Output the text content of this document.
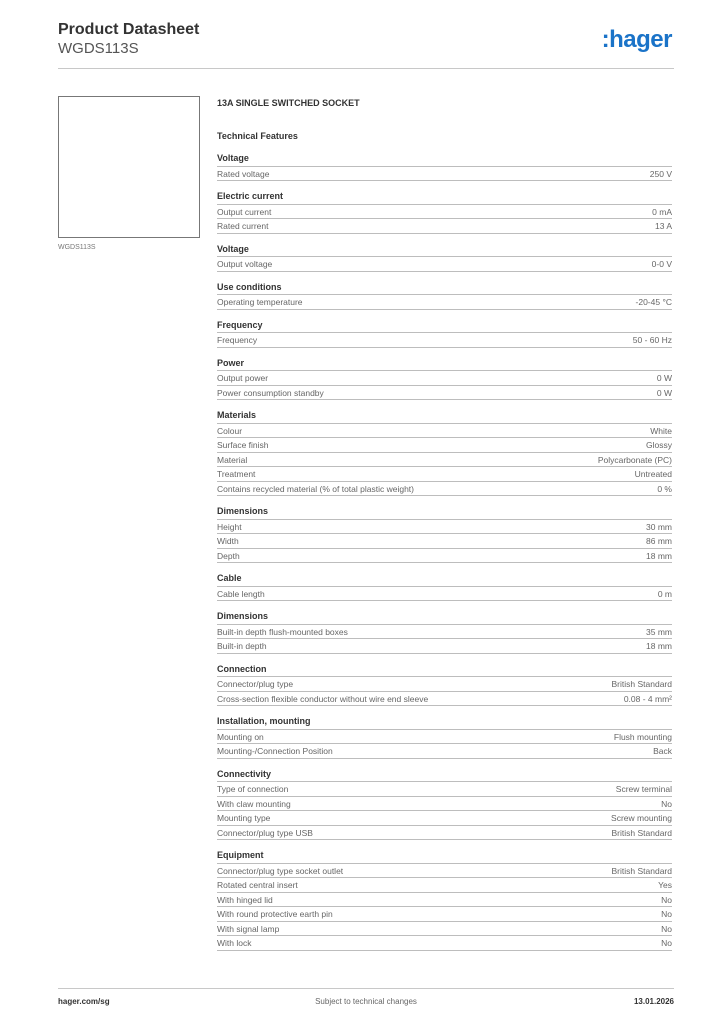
Product Datasheet
WGDS113S	:hager
WGDS113S
13A SINGLE SWITCHED SOCKET
Technical Features
Voltage
Rated voltage	250 V
Electric current
Output current	0 mA
Rated current	13 A
Voltage
Output voltage	0-0 V
Use conditions
Operating temperature	-20-45 °C
Frequency
Frequency	50 - 60 Hz
Power
Output power	0 W
Power consumption standby	0 W
Materials
Colour	White
Surface finish	Glossy
Material	Polycarbonate (PC)
Treatment	Untreated
Contains recycled material (% of total plastic weight)	0 %
Dimensions
Height	30 mm
Width	86 mm
Depth	18 mm
Cable
Cable length	0 m
Dimensions
Built-in depth flush-mounted boxes	35 mm
Built-in depth	18 mm
Connection
Connector/plug type	British Standard
Cross-section flexible conductor without wire end sleeve	0.08 - 4 mm²
Installation, mounting
Mounting on	Flush mounting
Mounting-/Connection Position	Back
Connectivity
Type of connection	Screw terminal
With claw mounting	No
Mounting type	Screw mounting
Connector/plug type USB	British Standard
Equipment
Connector/plug type socket outlet	British Standard
Rotated central insert	Yes
With hinged lid	No
With round protective earth pin	No
With signal lamp	No
With lock	No
hager.com/sg	Subject to technical changes	13.01.2026
